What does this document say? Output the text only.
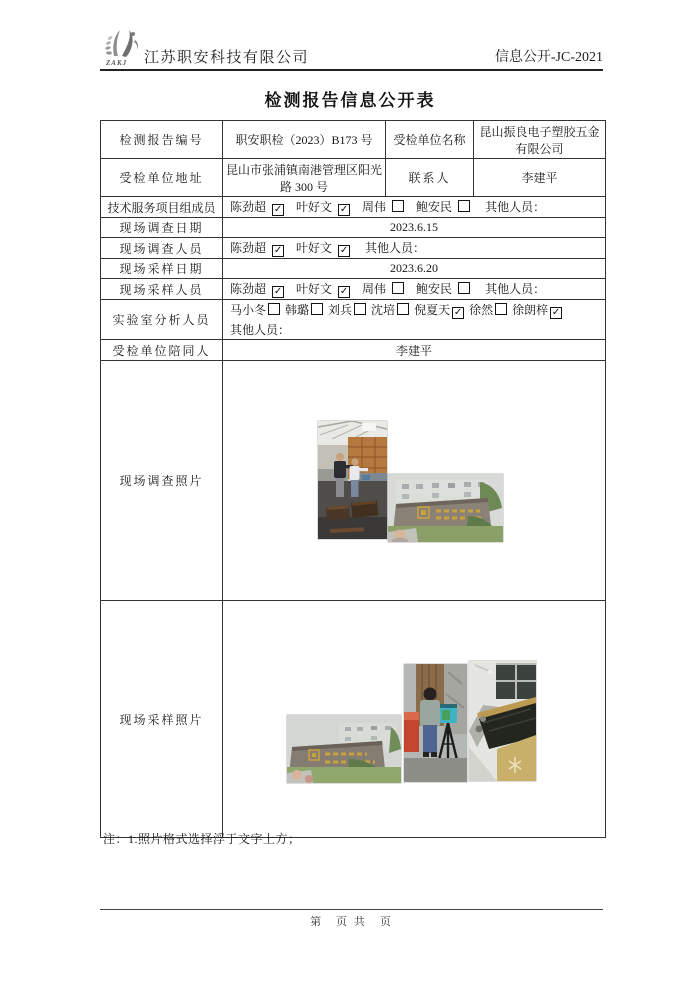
ZAKJ 江苏职安科技有限公司	信息公开-JC-2021
检测报告信息公开表
检测报告编号	职安职检（2023）B173 号	受检单位名称	昆山振良电子塑胶五金有限公司
受检单位地址	昆山市张浦镇南港管理区阳光路 300 号	联系人	李建平
技术服务项目组成员	陈劲超 ✓ 叶好文 ✓ 周伟 鲍安民 其他人员：		
现场调查日期	2023.6.15		
现场调查人员	陈劲超 ✓ 叶好文 ✓ 其他人员：		
现场采样日期	2023.6.20		
现场采样人员	陈劲超 ✓ 叶好文 ✓ 周伟 鲍安民 其他人员：		
实验室分析人员	马小冬 韩璐 刘兵 沈培 倪夏天 ✓ 徐然 徐朗梓 ✓
其他人员：		

受检单位陪同人	李建平		
现场调查照片	

现场采样照片	
注：1.照片格式选择浮于文字上方；
第　页 共　页
